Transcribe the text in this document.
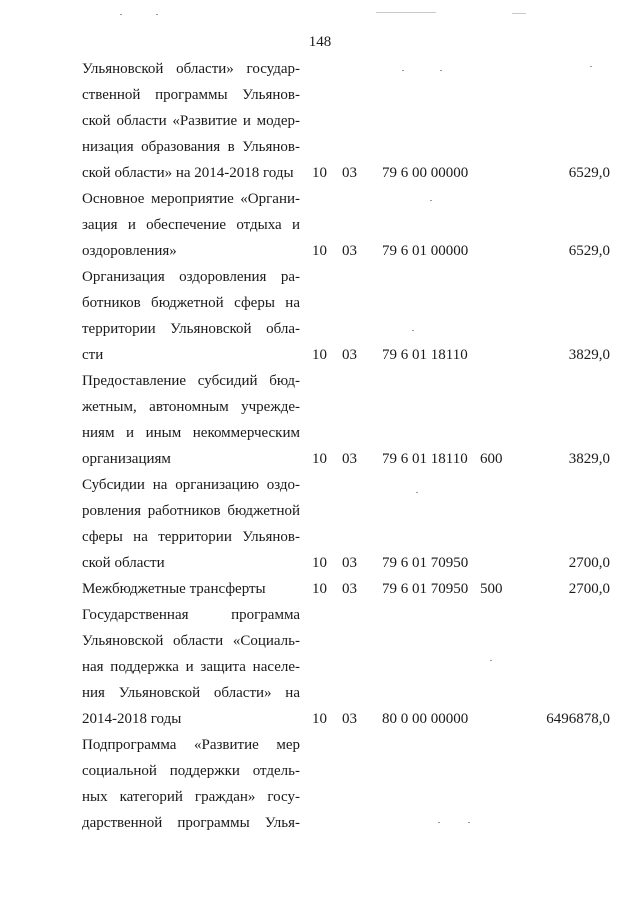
148
Ульяновской области» государ-
ственной программы Ульянов-
ской области «Развитие и модер-
низация образования в Ульянов-
ской области» на 2014-2018 годы	10	03	79 6 00 00000	6529,0
Основное мероприятие «Органи-
зация и обеспечение отдыха и
оздоровления»	10	03	79 6 01 00000	6529,0
Организация оздоровления ра-
ботников бюджетной сферы на
территории Ульяновской обла-
сти	10	03	79 6 01 18110	3829,0
Предоставление субсидий бюд-
жетным, автономным учрежде-
ниям и иным некоммерческим
организациям	10	03	79 6 01 18110 600	3829,0
Субсидии на организацию оздо-
ровления работников бюджетной
сферы на территории Ульянов-
ской области	10	03	79 6 01 70950	2700,0
Межбюджетные трансферты	10	03	79 6 01 70950 500	2700,0
Государственная программа
Ульяновской области «Социаль-
ная поддержка и защита населе-
ния Ульяновской области» на
2014-2018 годы	10	03	80 0 00 00000	6496878,0
Подпрограмма «Развитие мер
социальной поддержки отдель-
ных категорий граждан» госу-
дарственной программы Улья-
